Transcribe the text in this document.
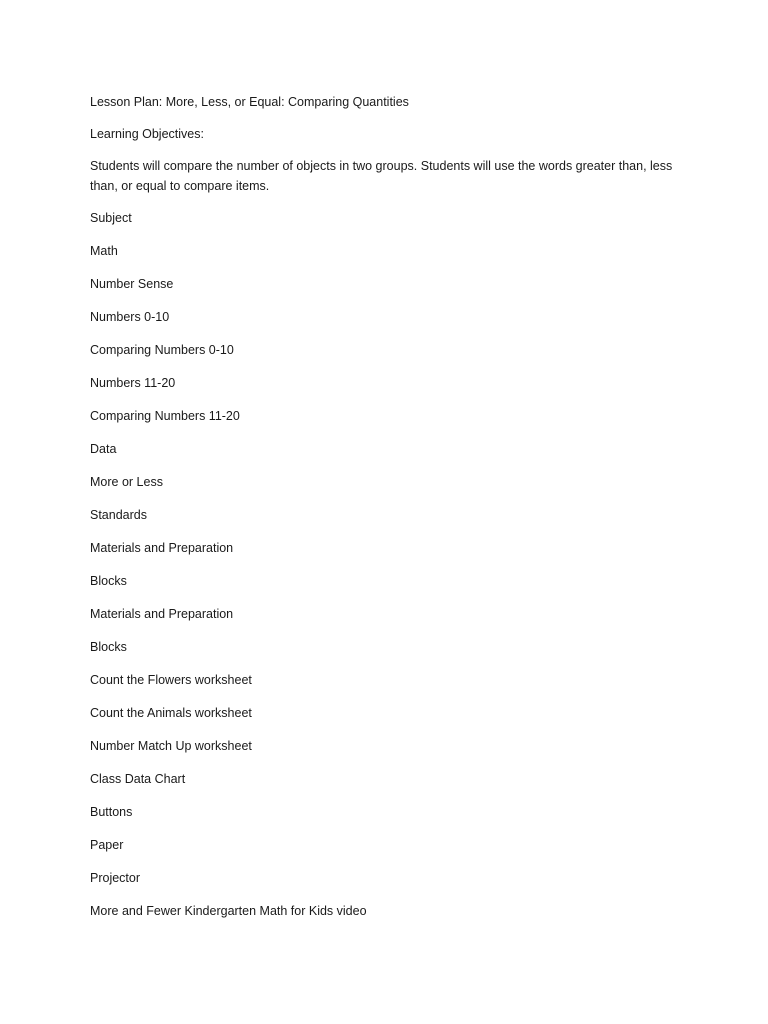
Lesson Plan: More, Less, or Equal: Comparing Quantities
Learning Objectives:
Students will compare the number of objects in two groups. Students will use the words greater than, less than, or equal to compare items.
Subject
Math
Number Sense
Numbers 0-10
Comparing Numbers 0-10
Numbers 11-20
Comparing Numbers 11-20
Data
More or Less
Standards
Materials and Preparation
Blocks
Materials and Preparation
Blocks
Count the Flowers worksheet
Count the Animals worksheet
Number Match Up worksheet
Class Data Chart
Buttons
Paper
Projector
More and Fewer Kindergarten Math for Kids video
